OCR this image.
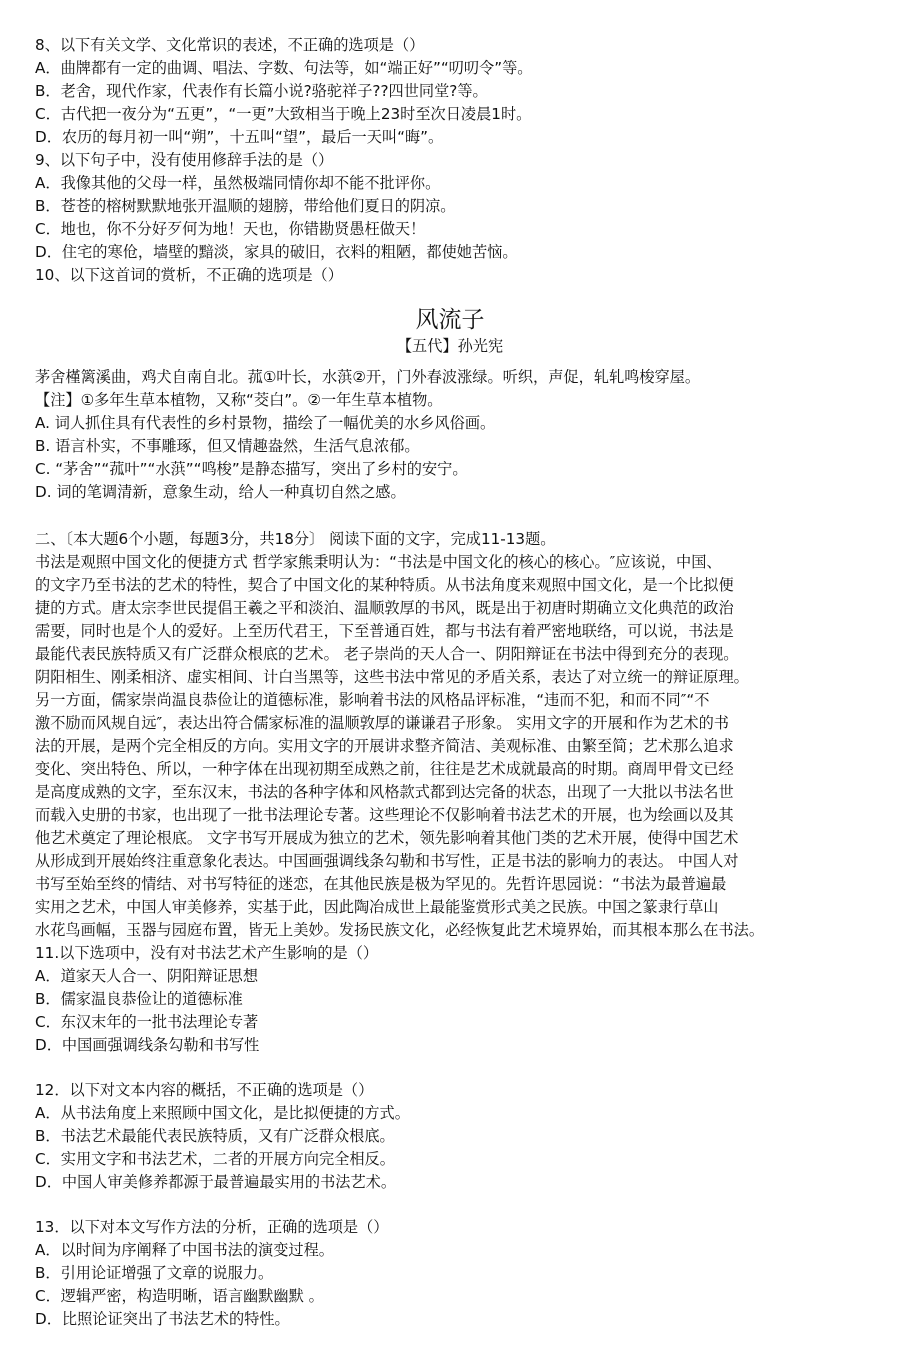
8、以下有关文学、文化常识的表述，不正确的选项是（）
A．曲牌都有一定的曲调、唱法、字数、句法等，如“端正好”“叨叨令”等。
B．老舍，现代作家，代表作有长篇小说?骆驼祥子??四世同堂?等。
C．古代把一夜分为“五更”，“一更”大致相当于晚上23时至次日凌晨1时。
D．农历的每月初一叫“朔”，十五叫“望”，最后一天叫“晦”。
9、以下句子中，没有使用修辞手法的是（）
A．我像其他的父母一样，虽然极端同情你却不能不批评你。
B．苍苍的榕树默默地张开温顺的翅膀，带给他们夏日的阴凉。
C．地也，你不分好歹何为地！天也，你错勘贤愚枉做天！
D．住宅的寒伧，墙壁的黯淡，家具的破旧，衣料的粗陋，都使她苦恼。
10、以下这首词的赏析，不正确的选项是（）
风流子
【五代】孙光宪
茅舍槿篱溪曲，鸡犬自南自北。菰①叶长，水葓②开，门外春波涨绿。听织，声促，轧轧鸣梭穿屋。
【注】①多年生草本植物，又称“茭白”。②一年生草本植物。
A. 词人抓住具有代表性的乡村景物，描绘了一幅优美的水乡风俗画。
B. 语言朴实，不事雕琢，但又情趣盎然，生活气息浓郁。
C. “茅舍”“菰叶”“水葓”“鸣梭”是静态描写，突出了乡村的安宁。
D. 词的笔调清新，意象生动，给人一种真切自然之感。
二、〔本大题6个小题，每题3分，共18分〕 阅读下面的文字，完成11-13题。
书法是观照中国文化的便捷方式 哲学家熊秉明认为：“书法是中国文化的核心的核心。″应该说，中国、
的文字乃至书法的艺术的特性，契合了中国文化的某种特质。从书法角度来观照中国文化，是一个比拟便
捷的方式。唐太宗李世民提倡王羲之平和淡泊、温顺敦厚的书风，既是出于初唐时期确立文化典范的政治
需要，同时也是个人的爱好。上至历代君王，下至普通百姓，都与书法有着严密地联络，可以说，书法是
最能代表民族特质又有广泛群众根底的艺术。 老子崇尚的天人合一、阴阳辩证在书法中得到充分的表现。
阴阳相生、刚柔相济、虚实相间、计白当黑等，这些书法中常见的矛盾关系，表达了对立统一的辩证原理。
另一方面，儒家崇尚温良恭俭让的道德标准，影响着书法的风格品评标准，“违而不犯，和而不同″“不
激不励而风规自远″，表达出符合儒家标准的温顺敦厚的谦谦君子形象。 实用文字的开展和作为艺术的书
法的开展，是两个完全相反的方向。实用文字的开展讲求整齐简洁、美观标准、由繁至简；艺术那么追求
变化、突出特色、所以，一种字体在出现初期至成熟之前，往往是艺术成就最高的时期。商周甲骨文已经
是高度成熟的文字，至东汉末，书法的各种字体和风格款式都到达完备的状态，出现了一大批以书法名世
而载入史册的书家，也出现了一批书法理论专著。这些理论不仅影响着书法艺术的开展，也为绘画以及其
他艺术奠定了理论根底。 文字书写开展成为独立的艺术，领先影响着其他门类的艺术开展，使得中国艺术
从形成到开展始终注重意象化表达。中国画强调线条勾勒和书写性，正是书法的影响力的表达。 中国人对
书写至始至终的情结、对书写特征的迷恋，在其他民族是极为罕见的。先哲许思园说：“书法为最普遍最
实用之艺术，中国人审美修养，实基于此，因此陶冶成世上最能鉴赏形式美之民族。中国之篆隶行草山
水花鸟画幅，玉器与园庭布置，皆无上美妙。发扬民族文化，必经恢复此艺术境界始，而其根本那么在书法。
11.以下选项中，没有对书法艺术产生影响的是（）
A．道家天人合一、阴阳辩证思想
B．儒家温良恭俭让的道德标准
C．东汉末年的一批书法理论专著
D．中国画强调线条勾勒和书写性
12．以下对文本内容的概括，不正确的选项是（）
A．从书法角度上来照顾中国文化，是比拟便捷的方式。
B．书法艺术最能代表民族特质，又有广泛群众根底。
C．实用文字和书法艺术，二者的开展方向完全相反。
D．中国人审美修养都源于最普遍最实用的书法艺术。
13．以下对本文写作方法的分析，正确的选项是（）
A．以时间为序阐释了中国书法的演变过程。
B．引用论证增强了文章的说服力。
C．逻辑严密，构造明晰，语言幽默幽默 。
D．比照论证突出了书法艺术的特性。
